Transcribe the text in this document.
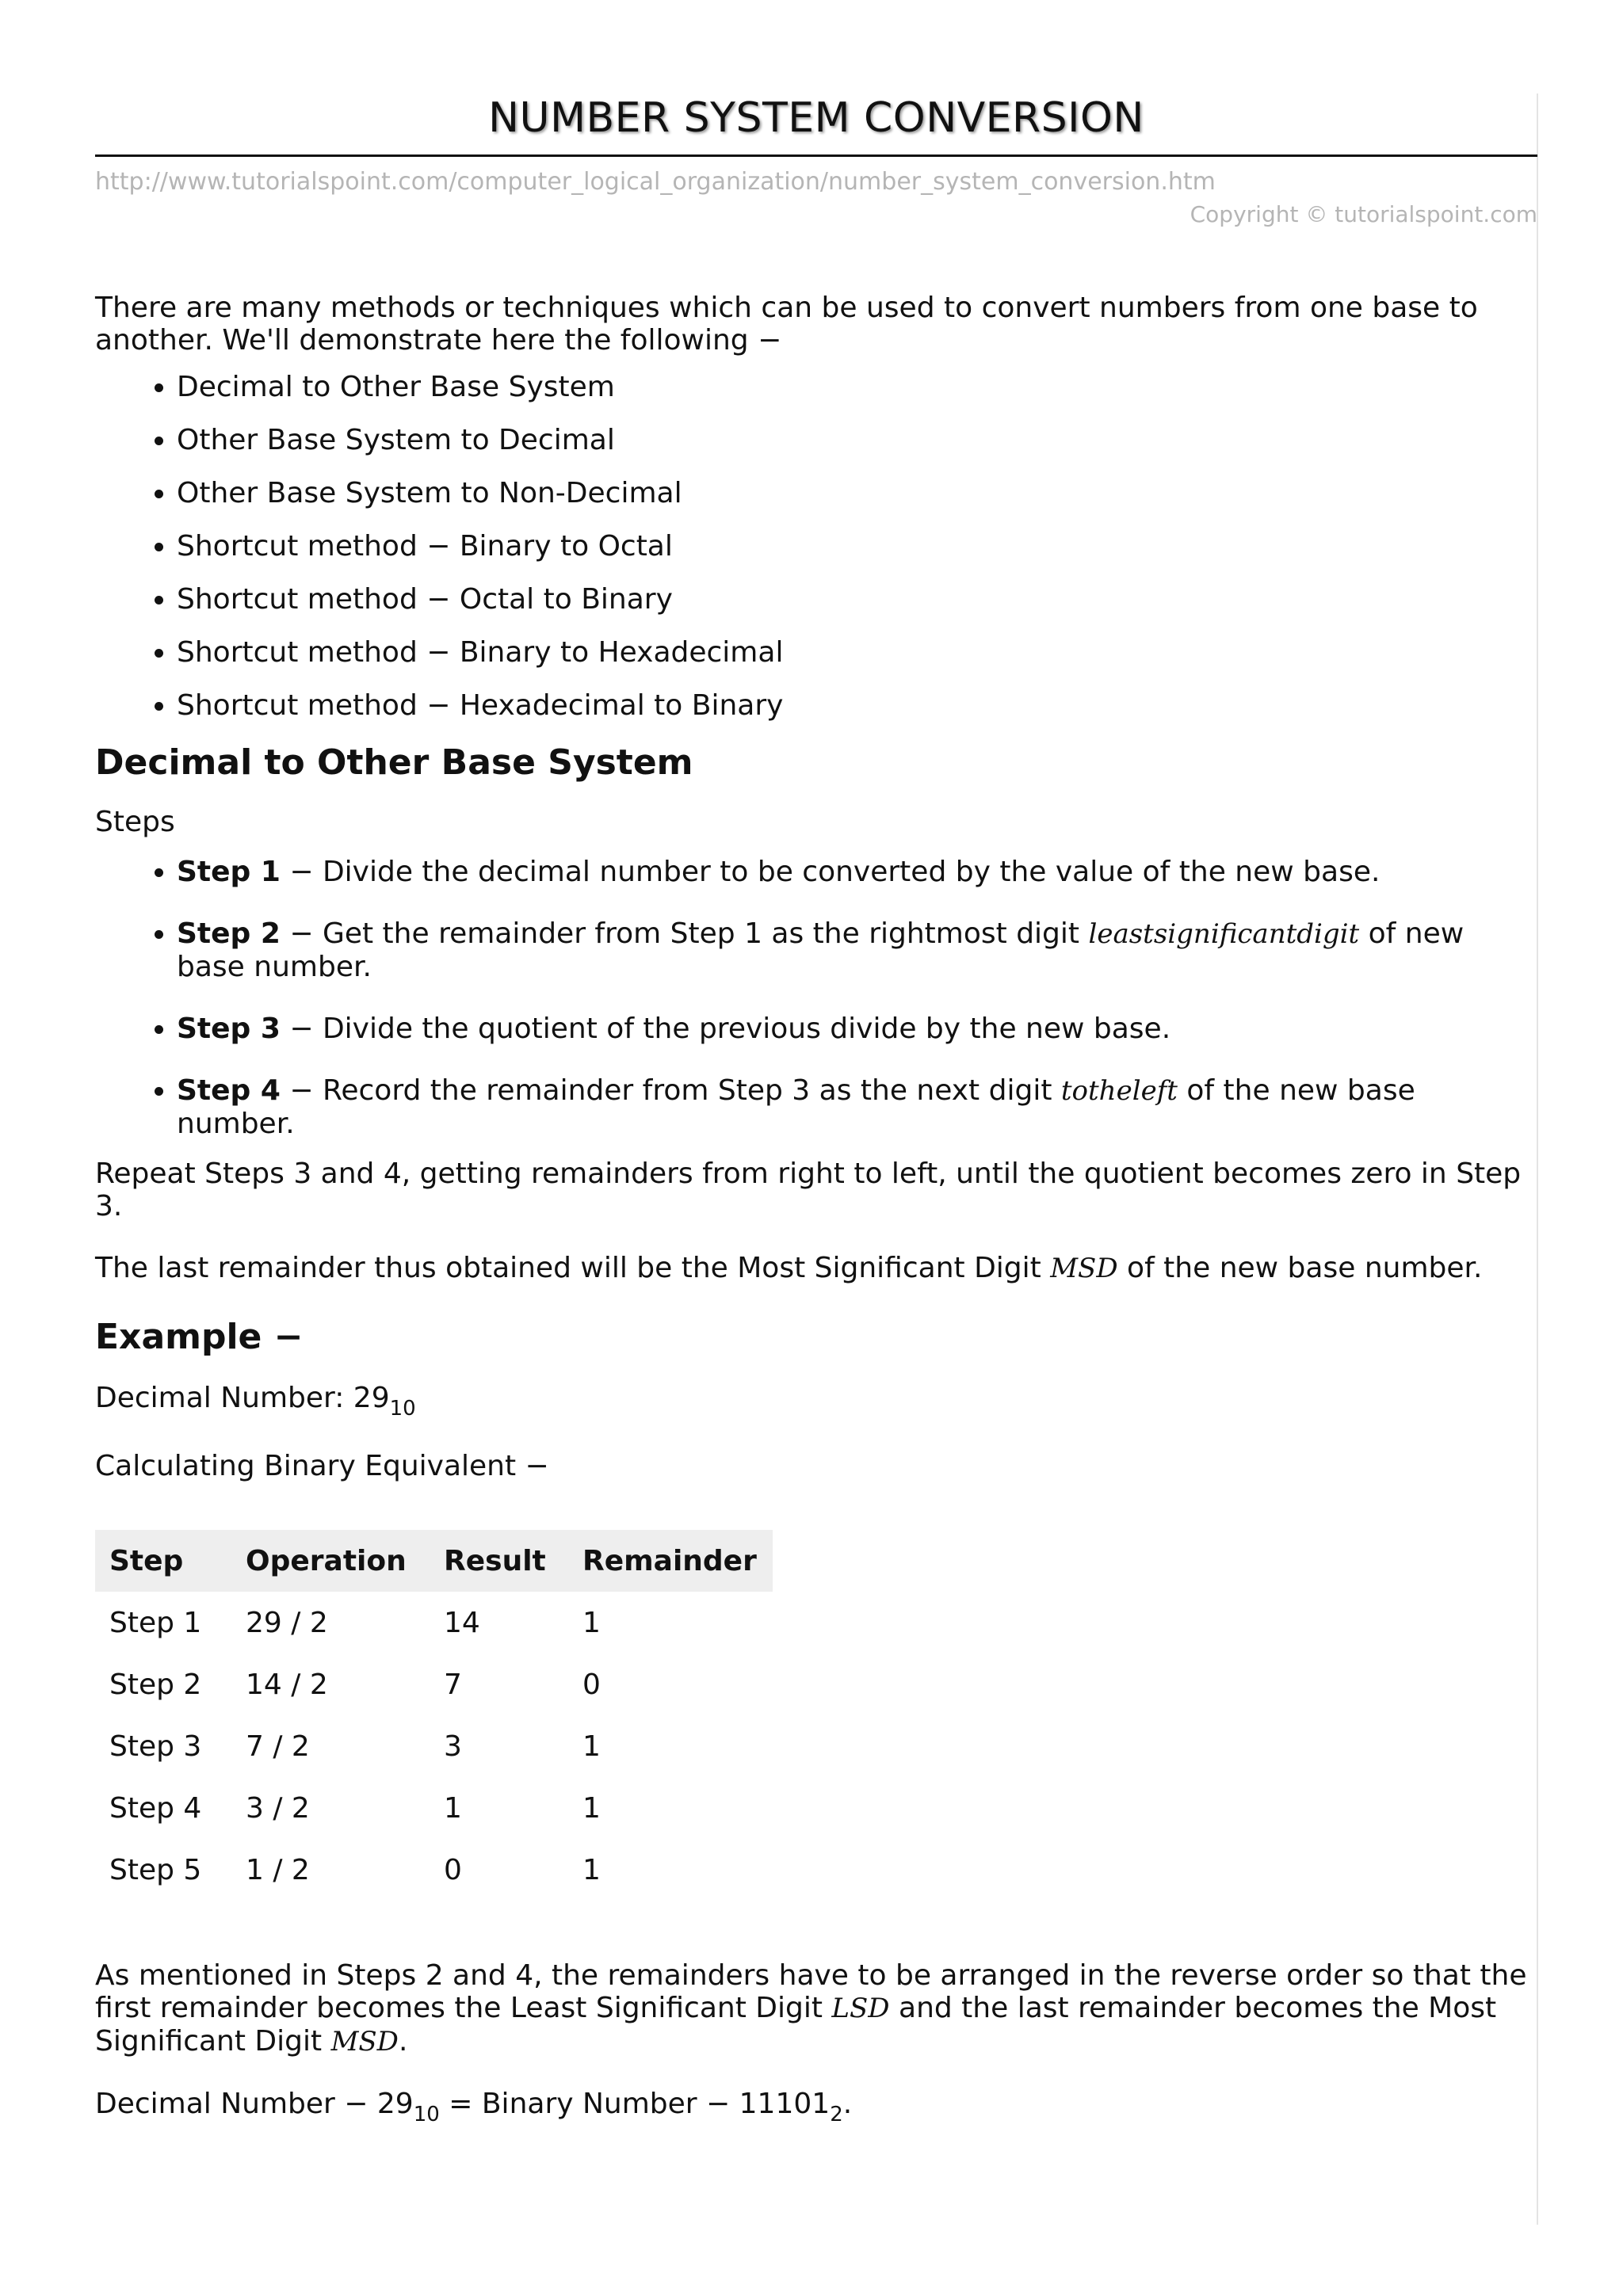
NUMBER SYSTEM CONVERSION
http://www.tutorialspoint.com/computer_logical_organization/number_system_conversion.htm
Copyright © tutorialspoint.com

There are many methods or techniques which can be used to convert numbers from one base to another. We'll demonstrate here the following −

• Decimal to Other Base System
• Other Base System to Decimal
• Other Base System to Non-Decimal
• Shortcut method − Binary to Octal
• Shortcut method − Octal to Binary
• Shortcut method − Binary to Hexadecimal
• Shortcut method − Hexadecimal to Binary
Decimal to Other Base System

Steps

• Step 1 − Divide the decimal number to be converted by the value of the new base.
• Step 2 − Get the remainder from Step 1 as the rightmost digit leastsignificantdigit of new base number.
• Step 3 − Divide the quotient of the previous divide by the new base.
• Step 4 − Record the remainder from Step 3 as the next digit totheleft of the new base number.

Repeat Steps 3 and 4, getting remainders from right to left, until the quotient becomes zero in Step 3.

The last remainder thus obtained will be the Most Significant Digit MSD of the new base number.

Example −

Decimal Number: $29_{10}$

Calculating Binary Equivalent −

Step	Operation	Result	Remainder
Step 1	29 / 2	14	1
Step 2	14 / 2	7	0
Step 3	7 / 2	3	1
Step 4	3 / 2	1	1
Step 5	1 / 2	0	1

As mentioned in Steps 2 and 4, the remainders have to be arranged in the reverse order so that the first remainder becomes the Least Significant Digit LSD and the last remainder becomes the Most Significant Digit MSD.

Decimal Number − $29_{10}$ = Binary Number − $11101_2$.
